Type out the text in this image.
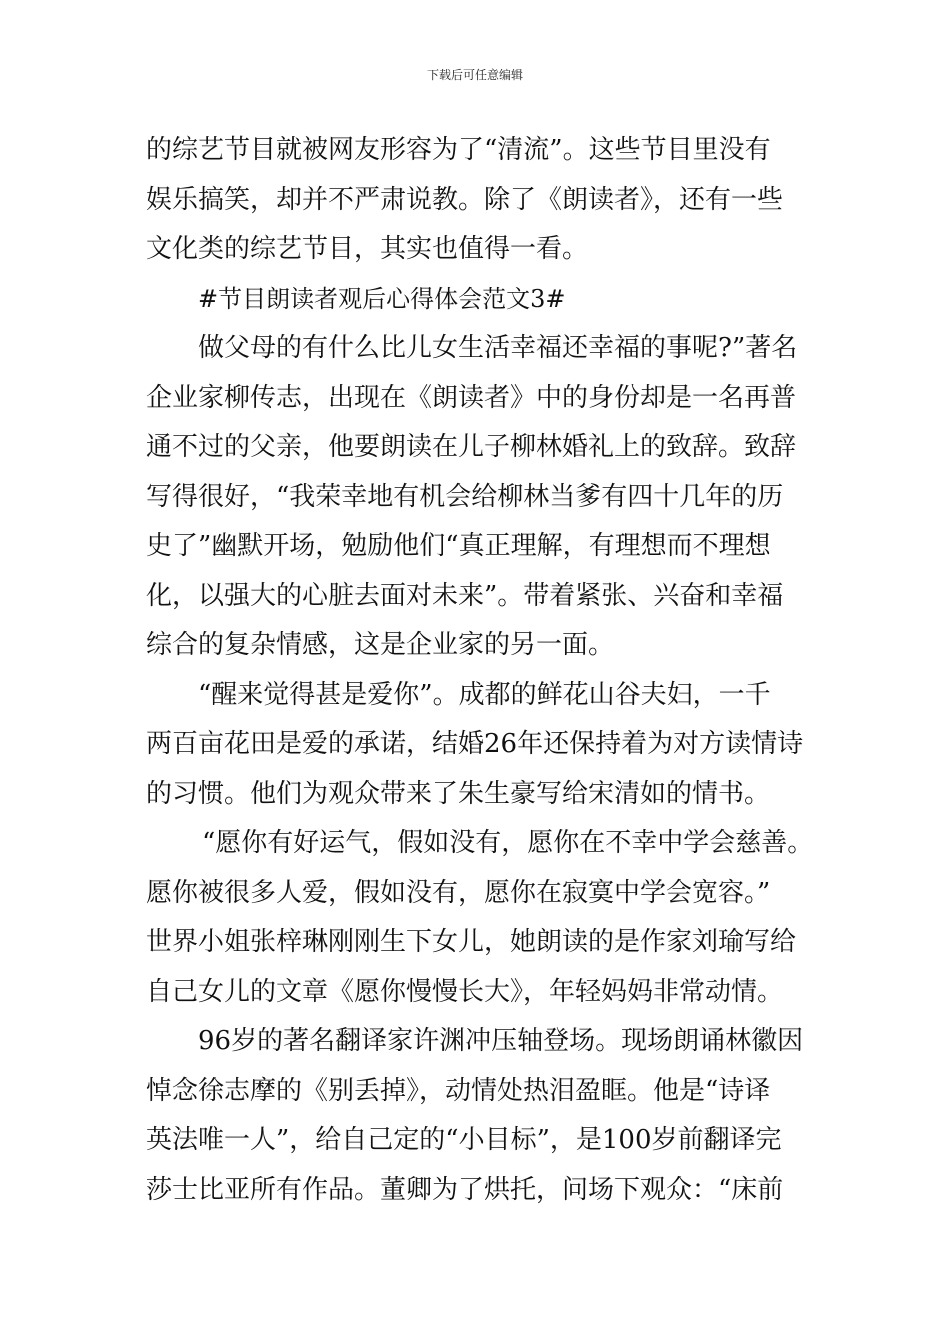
下载后可任意编辑
的综艺节目就被网友形容为了“清流”。这些节目里没有
娱乐搞笑，却并不严肃说教。除了《朗读者》，还有一些
文化类的综艺节目，其实也值得一看。
#节目朗读者观后心得体会范文3#
做父母的有什么比儿女生活幸福还幸福的事呢?”著名
企业家柳传志，出现在《朗读者》中的身份却是一名再普
通不过的父亲，他要朗读在儿子柳林婚礼上的致辞。致辞
写得很好，“我荣幸地有机会给柳林当爹有四十几年的历
史了”幽默开场，勉励他们“真正理解，有理想而不理想
化，以强大的心脏去面对未来”。带着紧张、兴奋和幸福
综合的复杂情感，这是企业家的另一面。
“醒来觉得甚是爱你”。成都的鲜花山谷夫妇，一千
两百亩花田是爱的承诺，结婚26年还保持着为对方读情诗
的习惯。他们为观众带来了朱生豪写给宋清如的情书。
“愿你有好运气，假如没有，愿你在不幸中学会慈善。
愿你被很多人爱，假如没有，愿你在寂寞中学会宽容。”
世界小姐张梓琳刚刚生下女儿，她朗读的是作家刘瑜写给
自己女儿的文章《愿你慢慢长大》，年轻妈妈非常动情。
96岁的著名翻译家许渊冲压轴登场。现场朗诵林徽因
悼念徐志摩的《别丢掉》，动情处热泪盈眶。他是“诗译
英法唯一人”，给自己定的“小目标”，是100岁前翻译完
莎士比亚所有作品。董卿为了烘托，问场下观众：“床前
